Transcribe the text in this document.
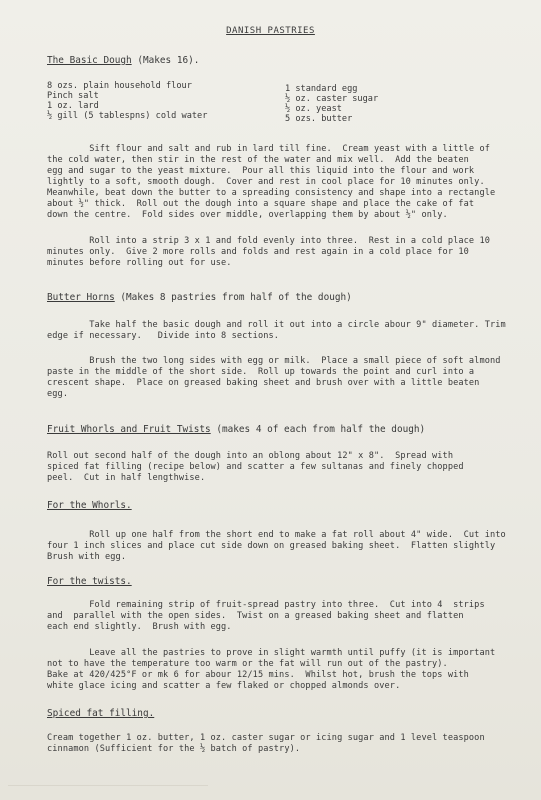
DANISH PASTRIES
The Basic Dough (Makes 16).
8 ozs. plain household flour
Pinch salt
1 oz. lard
½ gill (5 tablespns) cold water
1 standard egg
½ oz. caster sugar
½ oz. yeast
5 ozs. butter
Sift flour and salt and rub in lard till fine.  Cream yeast with a little of
the cold water, then stir in the rest of the water and mix well.  Add the beaten
egg and sugar to the yeast mixture.  Pour all this liquid into the flour and work
lightly to a soft, smooth dough.  Cover and rest in cool place for 10 minutes only.
Meanwhile, beat down the butter to a spreading consistency and shape into a rectangle
about ½" thick.  Roll out the dough into a square shape and place the cake of fat
down the centre.  Fold sides over middle, overlapping them by about ½" only.
Roll into a strip 3 x 1 and fold evenly into three.  Rest in a cold place 10
minutes only.  Give 2 more rolls and folds and rest again in a cold place for 10
minutes before rolling out for use.
Butter Horns (Makes 8 pastries from half of the dough)
Take half the basic dough and roll it out into a circle abour 9" diameter. Trim
edge if necessary.   Divide into 8 sections.
Brush the two long sides with egg or milk.  Place a small piece of soft almond
paste in the middle of the short side.  Roll up towards the point and curl into a
crescent shape.  Place on greased baking sheet and brush over with a little beaten
egg.
Fruit Whorls and Fruit Twists (makes 4 of each from half the dough)
Roll out second half of the dough into an oblong about 12" x 8".  Spread with
spiced fat filling (recipe below) and scatter a few sultanas and finely chopped
peel.  Cut in half lengthwise.
For the Whorls.
Roll up one half from the short end to make a fat roll about 4" wide.  Cut into
four 1 inch slices and place cut side down on greased baking sheet.  Flatten slightly
Brush with egg.
For the twists.
Fold remaining strip of fruit-spread pastry into three.  Cut into 4  strips
and  parallel with the open sides.  Twist on a greased baking sheet and flatten
each end slightly.  Brush with egg.
Leave all the pastries to prove in slight warmth until puffy (it is important
not to have the temperature too warm or the fat will run out of the pastry).
Bake at 420/425°F or mk 6 for abour 12/15 mins.  Whilst hot, brush the tops with
white glace icing and scatter a few flaked or chopped almonds over.
Spiced fat filling.
Cream together 1 oz. butter, 1 oz. caster sugar or icing sugar and 1 level teaspoon
cinnamon (Sufficient for the ½ batch of pastry).
